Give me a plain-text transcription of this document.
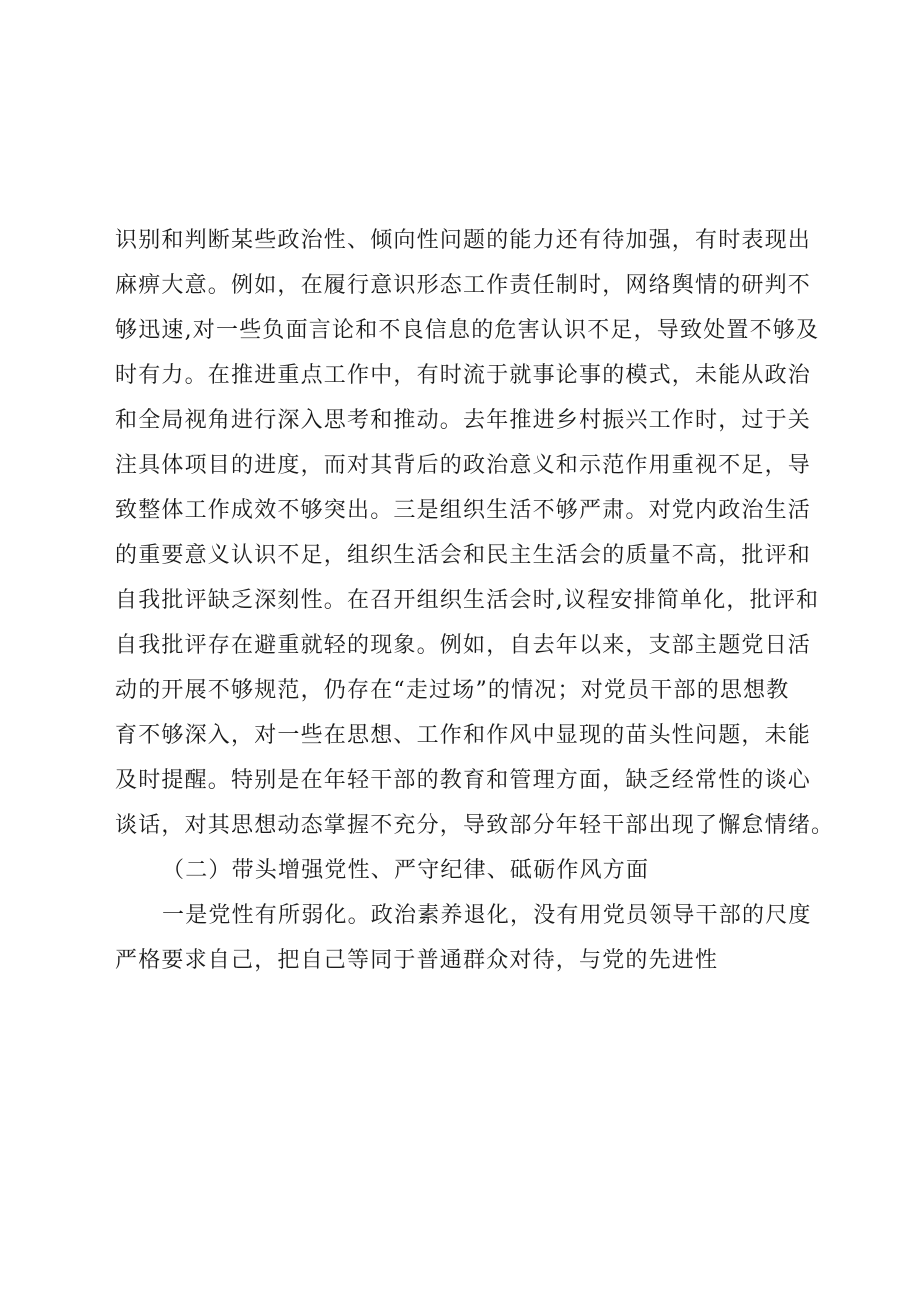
识别和判断某些政治性、倾向性问题的能力还有待加强，有时表现出
麻痹大意。例如，在履行意识形态工作责任制时，网络舆情的研判不
够迅速,对一些负面言论和不良信息的危害认识不足，导致处置不够及
时有力。在推进重点工作中，有时流于就事论事的模式，未能从政治
和全局视角进行深入思考和推动。去年推进乡村振兴工作时，过于关
注具体项目的进度，而对其背后的政治意义和示范作用重视不足，导
致整体工作成效不够突出。三是组织生活不够严肃。对党内政治生活
的重要意义认识不足，组织生活会和民主生活会的质量不高，批评和
自我批评缺乏深刻性。在召开组织生活会时,议程安排简单化，批评和
自我批评存在避重就轻的现象。例如，自去年以来，支部主题党日活
动的开展不够规范，仍存在“走过场”的情况；对党员干部的思想教
育不够深入，对一些在思想、工作和作风中显现的苗头性问题，未能
及时提醒。特别是在年轻干部的教育和管理方面，缺乏经常性的谈心
谈话，对其思想动态掌握不充分，导致部分年轻干部出现了懈怠情绪。
（二）带头增强党性、严守纪律、砥砺作风方面
一是党性有所弱化。政治素养退化，没有用党员领导干部的尺度
严格要求自己，把自己等同于普通群众对待，与党的先进性
